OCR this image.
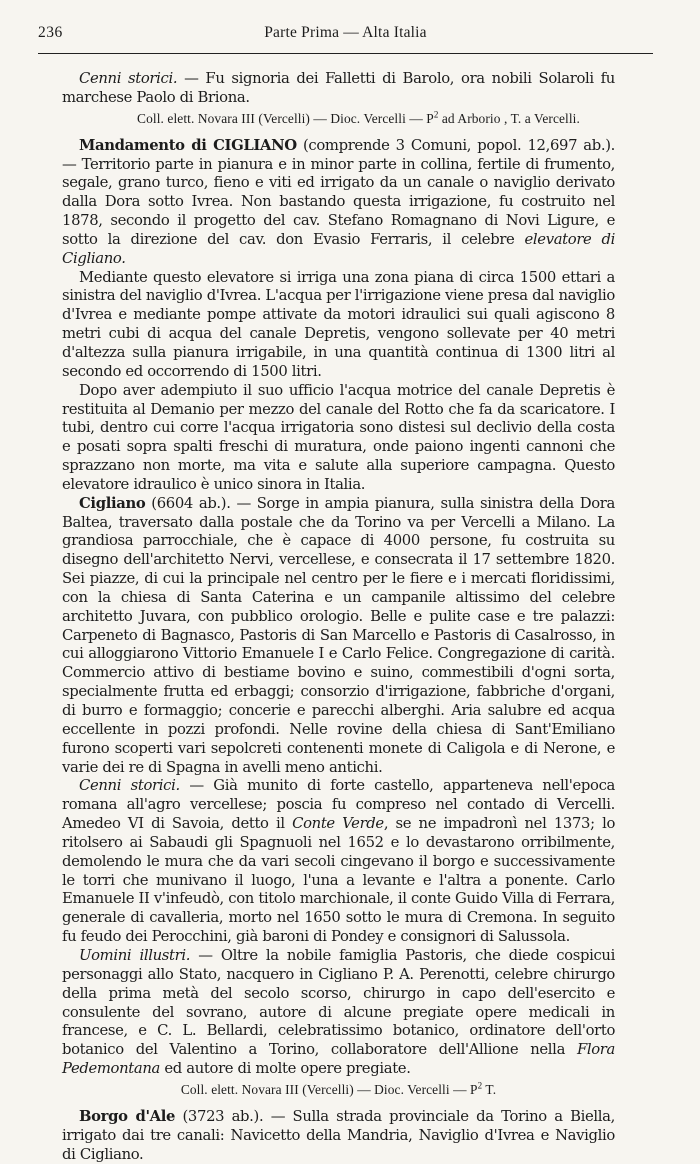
236	Parte Prima — Alta Italia

Cenni storici. — Fu signoria dei Falletti di Barolo, ora nobili Solaroli fu marchese Paolo di Briona.

Coll. elett. Novara III (Vercelli) — Dioc. Vercelli — $P^2$ ad Arborio , T. a Vercelli.

Mandamento di CIGLIANO (comprende 3 Comuni, popol. 12,697 ab.). — Territorio parte in pianura e in minor parte in collina, fertile di frumento, segale, grano turco, fieno e viti ed irrigato da un canale o naviglio derivato dalla Dora sotto Ivrea. Non bastando questa irrigazione, fu costruito nel 1878, secondo il progetto del cav. Stefano Romagnano di Novi Ligure, e sotto la direzione del cav. don Evasio Ferraris, il celebre elevatore di Cigliano.

Mediante questo elevatore si irriga una zona piana di circa 1500 ettari a sinistra del naviglio d'Ivrea. L'acqua per l'irrigazione viene presa dal naviglio d'Ivrea e mediante pompe attivate da motori idraulici sui quali agiscono 8 metri cubi di acqua del canale Depretis, vengono sollevate per 40 metri d'altezza sulla pianura irrigabile, in una quantità continua di 1300 litri al secondo ed occorrendo di 1500 litri.

Dopo aver adempiuto il suo ufficio l'acqua motrice del canale Depretis è restituita al Demanio per mezzo del canale del Rotto che fa da scaricatore. I tubi, dentro cui corre l'acqua irrigatoria sono distesi sul declivio della costa e posati sopra spalti freschi di muratura, onde paiono ingenti cannoni che sprazzano non morte, ma vita e salute alla superiore campagna. Questo elevatore idraulico è unico sinora in Italia.

Cigliano (6604 ab.). — Sorge in ampia pianura, sulla sinistra della Dora Baltea, traversato dalla postale che da Torino va per Vercelli a Milano. La grandiosa parrocchiale, che è capace di 4000 persone, fu costruita su disegno dell'architetto Nervi, vercellese, e consecrata il 17 settembre 1820. Sei piazze, di cui la principale nel centro per le fiere e i mercati floridissimi, con la chiesa di Santa Caterina e un campanile altissimo del celebre architetto Juvara, con pubblico orologio. Belle e pulite case e tre palazzi: Carpeneto di Bagnasco, Pastoris di San Marcello e Pastoris di Casalrosso, in cui alloggiarono Vittorio Emanuele I e Carlo Felice. Congregazione di carità. Commercio attivo di bestiame bovino e suino, commestibili d'ogni sorta, specialmente frutta ed erbaggi; consorzio d'irrigazione, fabbriche d'organi, di burro e formaggio; concerie e parecchi alberghi. Aria salubre ed acqua eccellente in pozzi profondi. Nelle rovine della chiesa di Sant'Emiliano furono scoperti vari sepolcreti contenenti monete di Caligola e di Nerone, e varie dei re di Spagna in avelli meno antichi.

Cenni storici. — Già munito di forte castello, apparteneva nell'epoca romana all'agro vercellese; poscia fu compreso nel contado di Vercelli. Amedeo VI di Savoia, detto il Conte Verde, se ne impadronì nel 1373; lo ritolsero ai Sabaudi gli Spagnuoli nel 1652 e lo devastarono orribilmente, demolendo le mura che da vari secoli cingevano il borgo e successivamente le torri che munivano il luogo, l'una a levante e l'altra a ponente. Carlo Emanuele II v'infeudò, con titolo marchionale, il conte Guido Villa di Ferrara, generale di cavalleria, morto nel 1650 sotto le mura di Cremona. In seguito fu feudo dei Perocchini, già baroni di Pondey e consignori di Salussola.

Uomini illustri. — Oltre la nobile famiglia Pastoris, che diede cospicui personaggi allo Stato, nacquero in Cigliano P. A. Perenotti, celebre chirurgo della prima metà del secolo scorso, chirurgo in capo dell'esercito e consulente del sovrano, autore di alcune pregiate opere medicali in francese, e C. L. Bellardi, celebratissimo botanico, ordinatore dell'orto botanico del Valentino a Torino, collaboratore dell'Allione nella Flora Pedemontana ed autore di molte opere pregiate.

Coll. elett. Novara III (Vercelli) — Dioc. Vercelli — $P^2$ T.

Borgo d'Ale (3723 ab.). — Sulla strada provinciale da Torino a Biella, irrigato dai tre canali: Navicetto della Mandria, Naviglio d'Ivrea e Naviglio di Cigliano.
